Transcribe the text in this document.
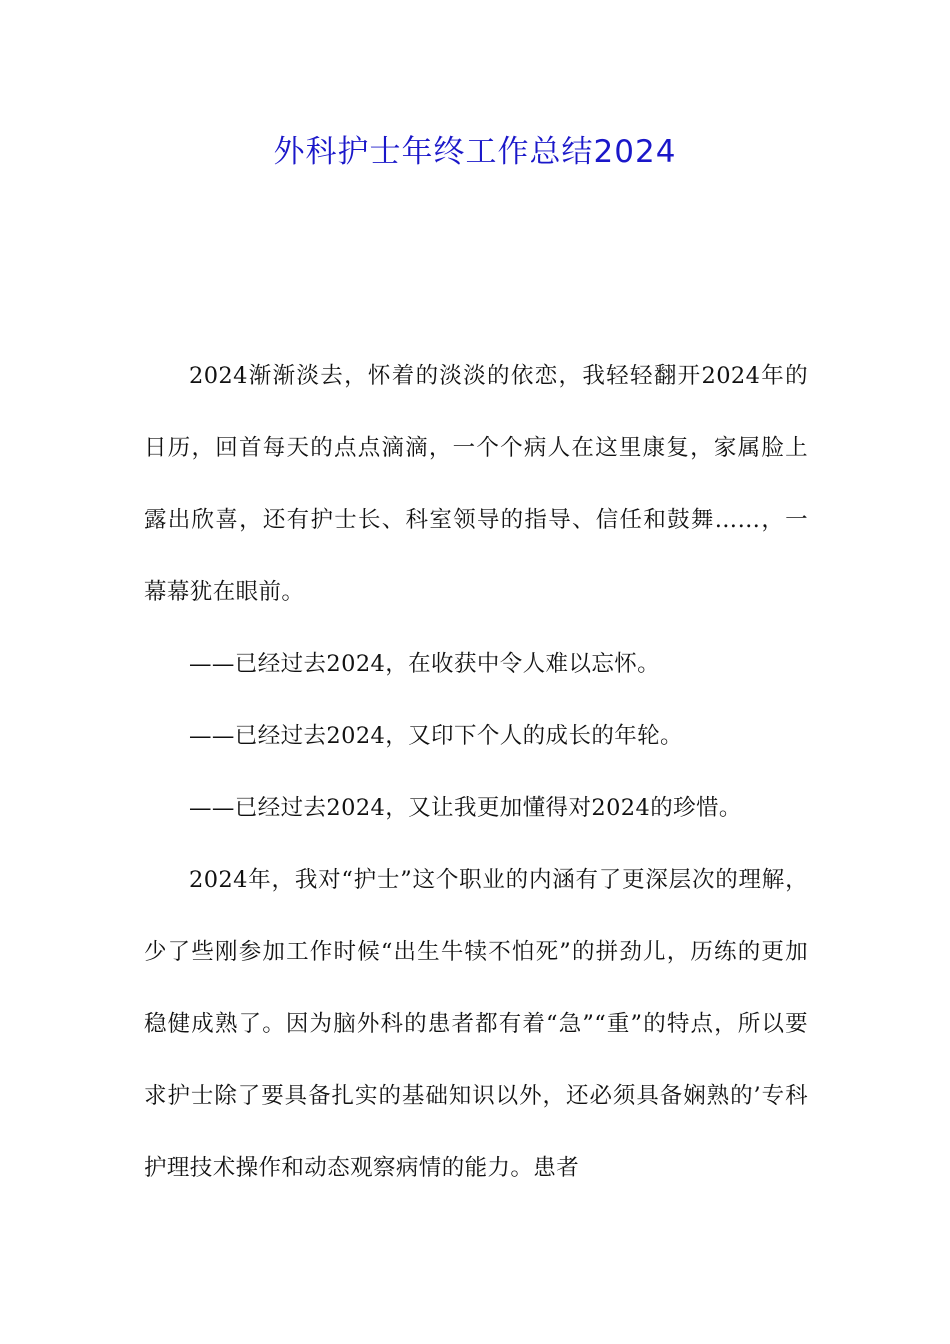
外科护士年终工作总结2024

2024渐渐淡去，怀着的淡淡的依恋，我轻轻翻开2024年的日历，回首每天的点点滴滴，一个个病人在这里康复，家属脸上露出欣喜，还有护士长、科室领导的指导、信任和鼓舞……，一幕幕犹在眼前。

——已经过去2024，在收获中令人难以忘怀。

——已经过去2024，又印下个人的成长的年轮。

——已经过去2024，又让我更加懂得对2024的珍惜。

2024年，我对“护士”这个职业的内涵有了更深层次的理解，少了些刚参加工作时候“出生牛犊不怕死”的拼劲儿，历练的更加稳健成熟了。因为脑外科的患者都有着“急”“重”的特点，所以要求护士除了要具备扎实的基础知识以外，还必须具备娴熟的’专科护理技术操作和动态观察病情的能力。患者
